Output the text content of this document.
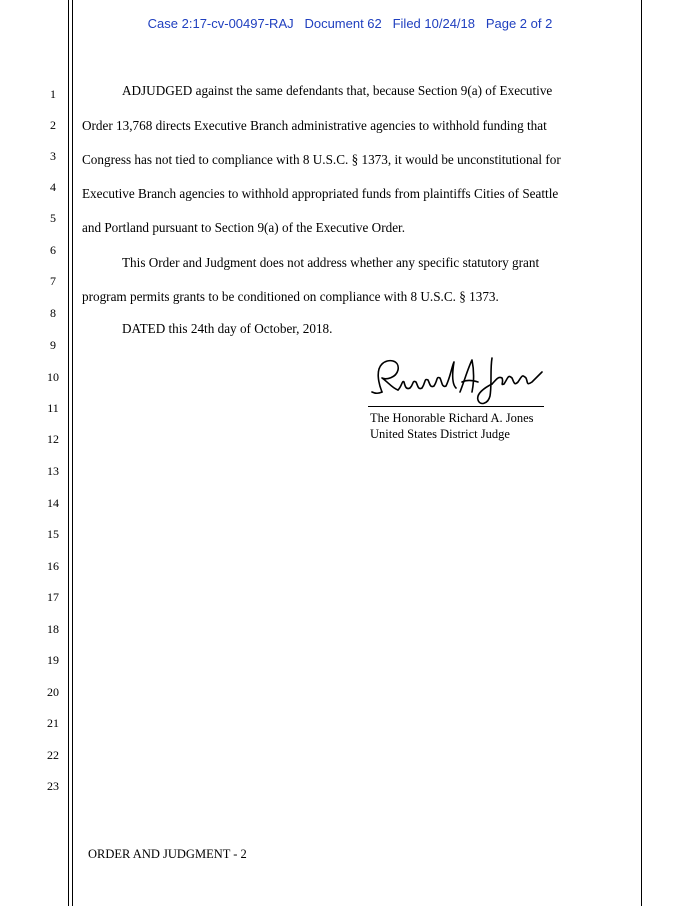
Case 2:17-cv-00497-RAJ   Document 62   Filed 10/24/18   Page 2 of 2
1
2
3
4
5
6
7
8
9
10
11
12
13
14
15
16
17
18
19
20
21
22
23
ADJUDGED against the same defendants that, because Section 9(a) of Executive
Order 13,768 directs Executive Branch administrative agencies to withhold funding that
Congress has not tied to compliance with 8 U.S.C. § 1373, it would be unconstitutional for
Executive Branch agencies to withhold appropriated funds from plaintiffs Cities of Seattle
and Portland pursuant to Section 9(a) of the Executive Order.
This Order and Judgment does not address whether any specific statutory grant
program permits grants to be conditioned on compliance with 8 U.S.C. § 1373.
DATED this 24th day of October, 2018.
The Honorable Richard A. Jones
United States District Judge
ORDER AND JUDGMENT - 2
